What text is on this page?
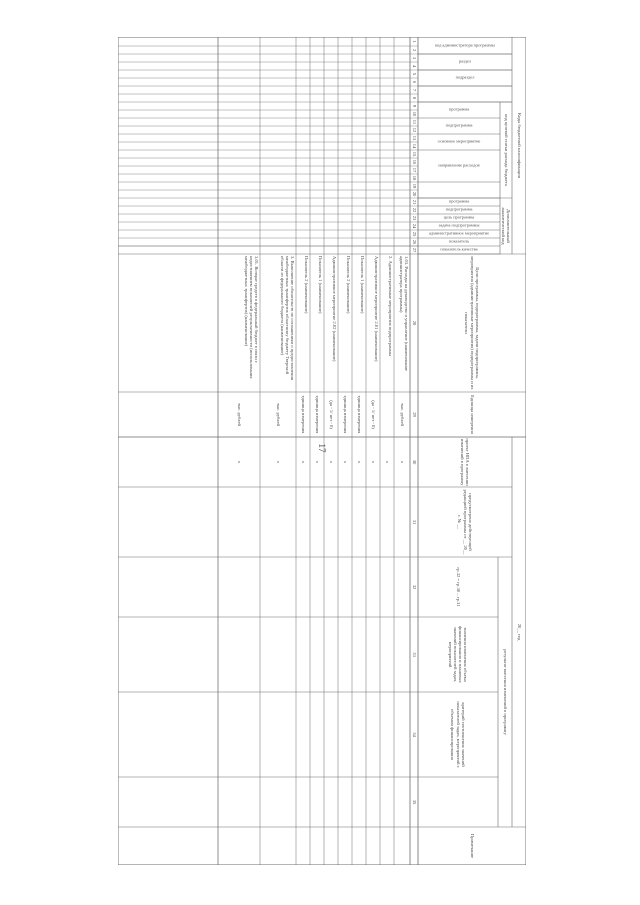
17
Коды бюджетной классификации
код целевой статьи расхода бюджета
Дополнительный аналитический код
код администратора программы
раздел
подраздел
программа
подпрограмма
основное мероприятие
направление расходов
программа
подпрограмма
цель программы
задача подпрограммы
административное мероприятие
показатель
показатель качества
Цели программы, подпрограммы, задачи подпрограммы, мероприятия (административные мероприятия) подпрограммы и их показатели
Единица измерения
20__ год
проект НПА о внесении изменений в программу
предусмотрено действующей редакцией программы от __ 20__ г. № __
результат внесения изменений в программу
гр.32 = гр.30 – гр.31
значения изменения объема финансирования и плановых значений показателей задач, мероприятий
критерий соотношения значений показателей задач, мероприятий с объемом финансирования
Примечание
1
2
3
4
5
6
7
8
9
10
11
12
13
14
15
16
17
18
19
20
21
22
23
24
25
26
27
28
29
30
31
32
33
34
35
1.03. Расходы на руководство и управление (наименование администратора программы)
тыс. рублей
х
2. Административные мероприятия подпрограммы
х
Административное мероприятие 2.01 (наименование)
(да - 1/ нет - 0)
х
Показатель 1 (наименование)
единица измерения
х
Показатель 2 (наименование)
единица измерения
х
Административное мероприятие 2.02 (наименование)
(да - 1/ нет - 0)
х
Показатель 1 (наименование)
единица измерения
х
Показатель 2 (наименование)
единица измерения
х
3. Выполнение обязательств по соглашениям о предоставлении межбюджетных трансфертов областному бюджету Тверской области из федерального бюджета (наименование)
тыс. рублей
х
3.01. Возврат средств в федеральный бюджет в связи с недостижением показателей результативности (использования межбюджетных трансфертов) (наименование)
тыс. рублей
х
